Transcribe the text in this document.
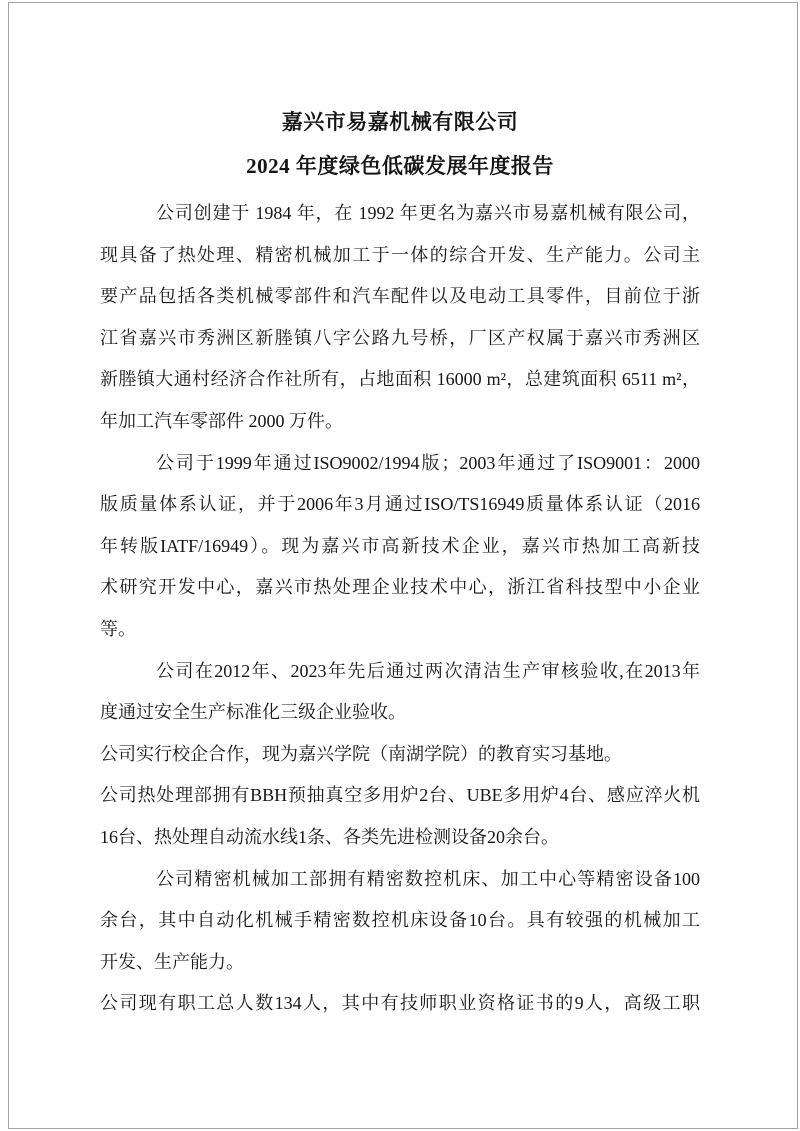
嘉兴市易嘉机械有限公司
2024 年度绿色低碳发展年度报告
公司创建于 1984 年，在 1992 年更名为嘉兴市易嘉机械有限公司，
现具备了热处理、精密机械加工于一体的综合开发、生产能力。公司主
要产品包括各类机械零部件和汽车配件以及电动工具零件，目前位于浙
江省嘉兴市秀洲区新塍镇八字公路九号桥，厂区产权属于嘉兴市秀洲区
新塍镇大通村经济合作社所有，占地面积 16000 m²，总建筑面积 6511 m²，
年加工汽车零部件 2000 万件。
公司于1999年通过ISO9002/1994版；2003年通过了ISO9001：2000
版质量体系认证，并于2006年3月通过ISO/TS16949质量体系认证（2016
年转版IATF/16949）。现为嘉兴市高新技术企业，嘉兴市热加工高新技
术研究开发中心，嘉兴市热处理企业技术中心，浙江省科技型中小企业
等。
公司在2012年、2023年先后通过两次清洁生产审核验收,在2013年
度通过安全生产标准化三级企业验收。
公司实行校企合作，现为嘉兴学院（南湖学院）的教育实习基地。
公司热处理部拥有BBH预抽真空多用炉2台、UBE多用炉4台、感应淬火机
16台、热处理自动流水线1条、各类先进检测设备20余台。
公司精密机械加工部拥有精密数控机床、加工中心等精密设备100
余台，其中自动化机械手精密数控机床设备10台。具有较强的机械加工
开发、生产能力。
公司现有职工总人数134人，其中有技师职业资格证书的9人，高级工职
